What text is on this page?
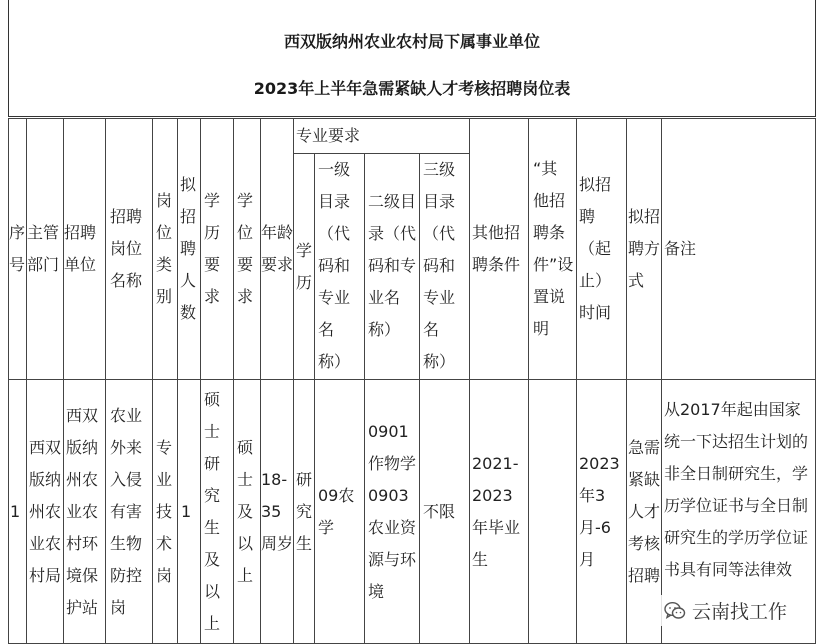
西双版纳州农业农村局下属事业单位
2023年上半年急需紧缺人才考核招聘岗位表
序号
主管部门
招聘单位
招聘岗位名称
岗位类别
拟招聘人数
学历要求
学位要求
年龄要求
专业要求
学历
一级目录（代码和专业名称）
二级目录（代码和专业名称）
三级目录（代码和专业名称）
其他招聘条件
“其他招聘条件”设置说明
拟招聘（起止）时间
拟招聘方式
备注
1
西双版纳州农业农村局
西双版纳州农业农村环境保护站
农业外来入侵有害生物防控岗
专业技术岗
1
硕士研究生及以上
硕士及以上
18-35周岁
研究生
09农学
0901作物学0903农业资源与环境
不限
2021-2023年毕业生
2023年3月-6月
急需紧缺人才考核招聘
从2017年起由国家统一下达招生计划的非全日制研究生，学历学位证书与全日制研究生的学历学位证书具有同等法律效
云南找工作
